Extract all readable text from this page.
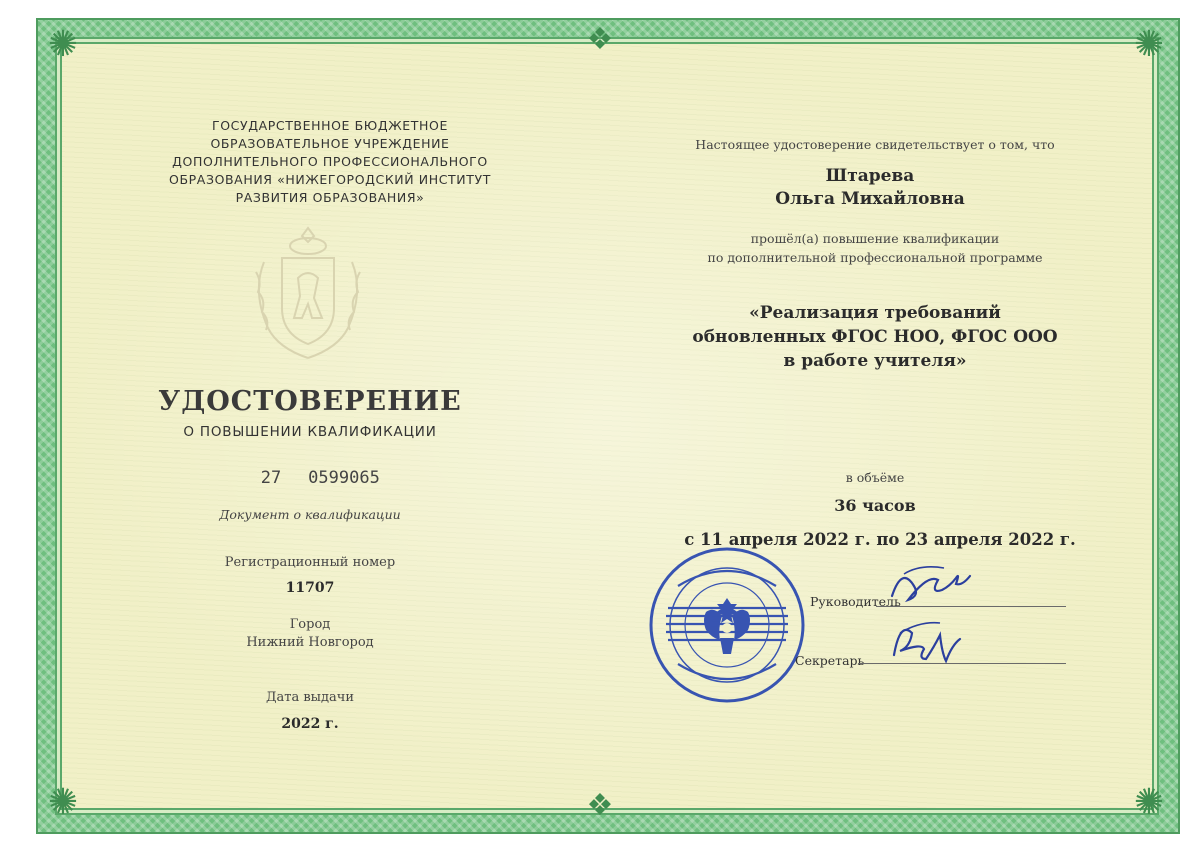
✺	✺
✺	✺
❖
❖
ГОСУДАРСТВЕННОЕ БЮДЖЕТНОЕ
ОБРАЗОВАТЕЛЬНОЕ УЧРЕЖДЕНИЕ
ДОПОЛНИТЕЛЬНОГО ПРОФЕССИОНАЛЬНОГО
ОБРАЗОВАНИЯ «НИЖЕГОРОДСКИЙ ИНСТИТУТ
РАЗВИТИЯ ОБРАЗОВАНИЯ»
УДОСТОВЕРЕНИЕ
О ПОВЫШЕНИИ КВАЛИФИКАЦИИ
27	0599065
Документ о квалификации
Регистрационный номер
11707
Город
Нижний Новгород
Дата выдачи
2022 г.
Настоящее удостоверение свидетельствует о том, что
Штарева
Ольга Михайловна
прошёл(а) повышение квалификации
по дополнительной профессиональной программе
«Реализация требований
обновленных ФГОС НОО, ФГОС ООО
в работе учителя»
в объёме
36 часов
с 11 апреля 2022 г. по 23 апреля 2022 г.
Руководитель
Секретарь
